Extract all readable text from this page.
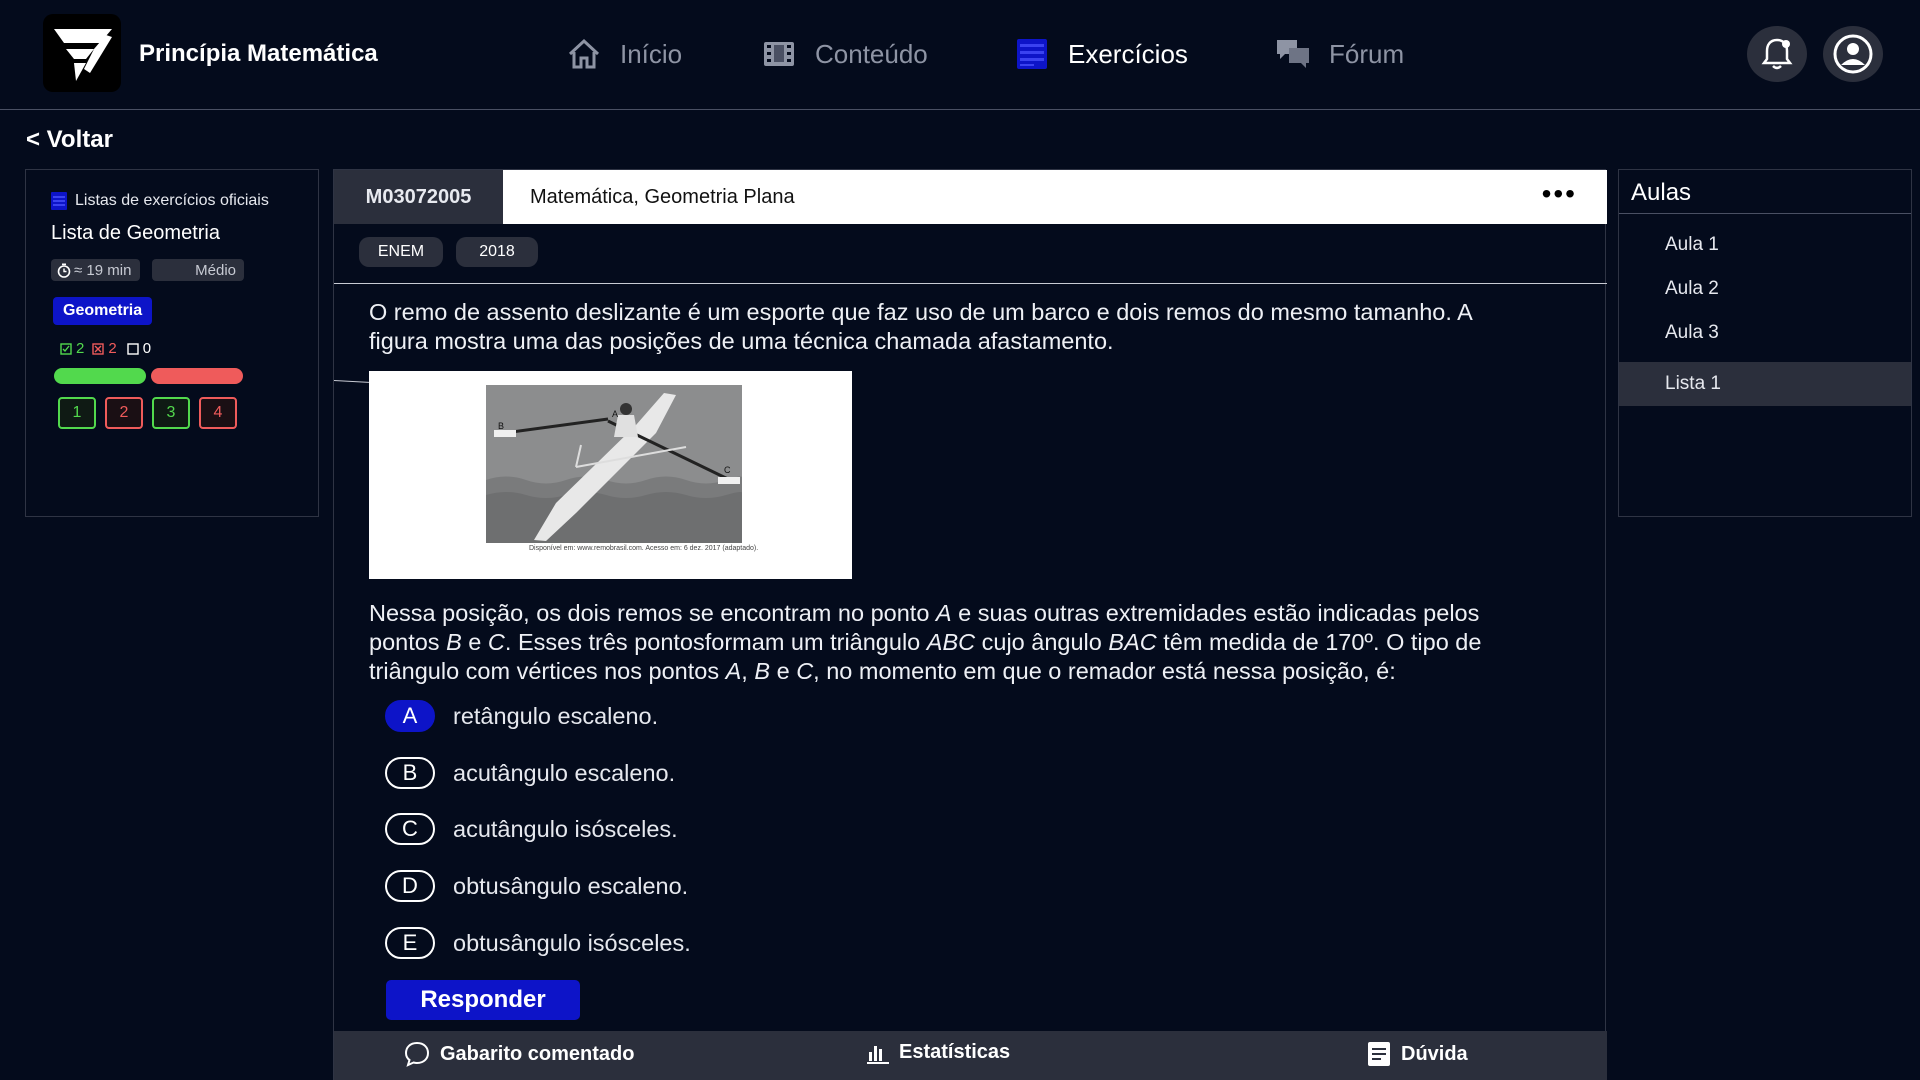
Princípia Matemática	Início	Conteúdo	Exercícios	Fórum
< Voltar
Listas de exercícios oficiais
Lista de Geometria
≈ 19 min	Médio
Geometria
2 2 0
1	2	3	4
M03072005	Matemática, Geometria Plana	•••
ENEM	2018
O remo de assento deslizante é um esporte que faz uso de um barco e dois remos do mesmo tamanho. A
figura mostra uma das posições de uma técnica chamada afastamento.
B
A
C
Disponível em: www.remobrasil.com. Acesso em: 6 dez. 2017 (adaptado).
Nessa posição, os dois remos se encontram no ponto A e suas outras extremidades estão indicadas pelos
pontos B e C. Esses três pontosformam um triângulo ABC cujo ângulo BAC têm medida de 170º. O tipo de
triângulo com vértices nos pontos A, B e C, no momento em que o remador está nessa posição, é:
A	retângulo escaleno.
B	acutângulo escaleno.
C	acutângulo isósceles.
D	obtusângulo escaleno.
E	obtusângulo isósceles.
Responder
Gabarito comentado	Estatísticas	Dúvida
Aulas
Aula 1
Aula 2
Aula 3
Lista 1
